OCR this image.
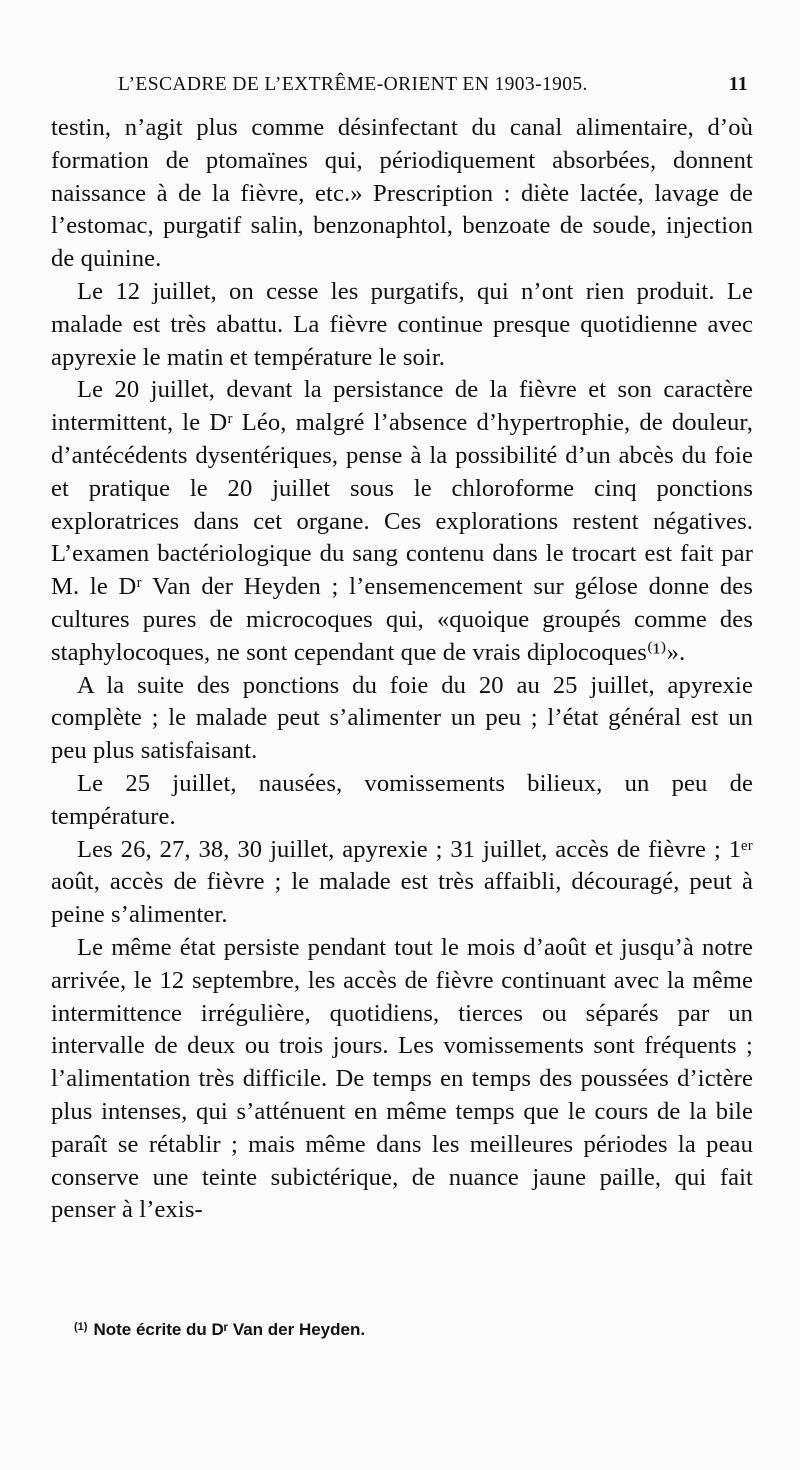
L’ESCADRE DE L’EXTRÊME-ORIENT EN 1903-1905.	11

testin, n’agit plus comme désinfectant du canal alimentaire, d’où formation de ptomaïnes qui, périodiquement absorbées, donnent naissance à de la fièvre, etc.» Prescription : diète lactée, lavage de l’estomac, purgatif salin, benzonaphtol, benzoate de soude, injection de quinine.

Le 12 juillet, on cesse les purgatifs, qui n’ont rien produit. Le malade est très abattu. La fièvre continue presque quotidienne avec apyrexie le matin et température le soir.

Le 20 juillet, devant la persistance de la fièvre et son caractère intermittent, le Dʳ Léo, malgré l’absence d’hypertrophie, de douleur, d’antécédents dysentériques, pense à la possibilité d’un abcès du foie et pratique le 20 juillet sous le chloroforme cinq ponctions exploratrices dans cet organe. Ces explorations restent négatives. L’examen bactériologique du sang contenu dans le trocart est fait par M. le Dʳ Van der Heyden ; l’ensemencement sur gélose donne des cultures pures de microcoques qui, «quoique groupés comme des staphylocoques, ne sont cependant que de vrais diplocoques⁽¹⁾».

A la suite des ponctions du foie du 20 au 25 juillet, apyrexie complète ; le malade peut s’alimenter un peu ; l’état général est un peu plus satisfaisant.

Le 25 juillet, nausées, vomissements bilieux, un peu de température.

Les 26, 27, 38, 30 juillet, apyrexie ; 31 juillet, accès de fièvre ; 1ᵉʳ août, accès de fièvre ; le malade est très affaibli, découragé, peut à peine s’alimenter.

Le même état persiste pendant tout le mois d’août et jusqu’à notre arrivée, le 12 septembre, les accès de fièvre continuant avec la même intermittence irrégulière, quotidiens, tierces ou séparés par un intervalle de deux ou trois jours. Les vomissements sont fréquents ; l’alimentation très difficile. De temps en temps des poussées d’ictère plus intenses, qui s’atténuent en même temps que le cours de la bile paraît se rétablir ; mais même dans les meilleures périodes la peau conserve une teinte subictérique, de nuance jaune paille, qui fait penser à l’exis-

$^{(1)}$ Note écrite du Dʳ Van der Heyden.
